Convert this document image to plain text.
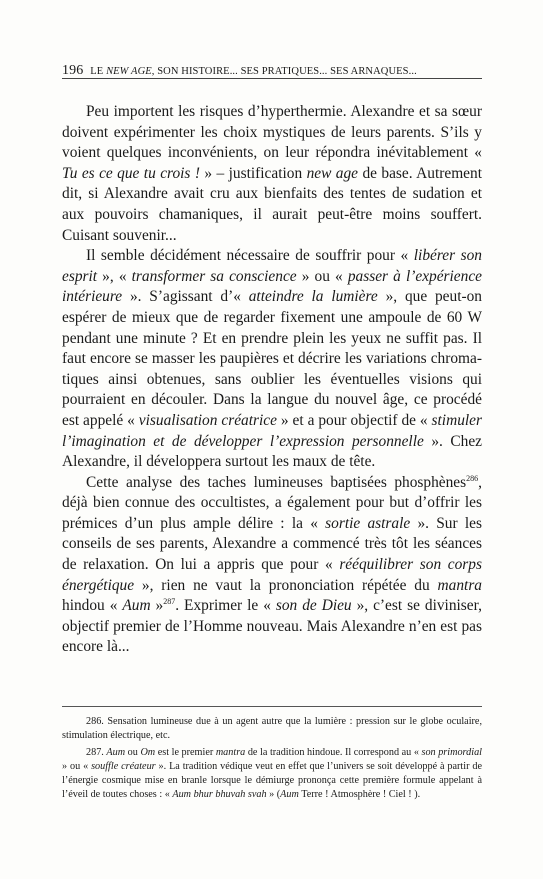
196 LE NEW AGE, SON HISTOIRE... SES PRATIQUES... SES ARNAQUES...

Peu importent les risques d’hyperthermie. Alexandre et sa sœur doivent expérimenter les choix mystiques de leurs parents. S’ils y voient quelques inconvénients, on leur répondra inévitablement « Tu es ce que tu crois ! » – justification new age de base. Autrement dit, si Alexandre avait cru aux bienfaits des tentes de sudation et aux pouvoirs chamaniques, il aurait peut-être moins souffert. Cuisant souvenir...

Il semble décidément nécessaire de souffrir pour « libérer son esprit », « transformer sa conscience » ou « passer à l’expérience intérieure ». S’agissant d’« atteindre la lumière », que peut-on espérer de mieux que de regarder fixement une ampoule de 60 W pendant une minute ? Et en prendre plein les yeux ne suffit pas. Il faut encore se masser les paupières et décrire les variations chromatiques ainsi obtenues, sans oublier les éventuelles visions qui pourraient en découler. Dans la langue du nouvel âge, ce procédé est appelé « visualisation créatrice » et a pour objectif de « stimuler l’imagination et de développer l’expression personnelle ». Chez Alexandre, il développera surtout les maux de tête.

Cette analyse des taches lumineuses baptisées phosphènes$^{286}$, déjà bien connue des occultistes, a également pour but d’offrir les prémices d’un plus ample délire : la « sortie astrale ». Sur les conseils de ses parents, Alexandre a commencé très tôt les séances de relaxation. On lui a appris que pour « rééquilibrer son corps énergétique », rien ne vaut la prononciation répétée du mantra hindou « Aum »$^{287}$. Exprimer le « son de Dieu », c’est se diviniser, objectif premier de l’Homme nouveau. Mais Alexandre n’en est pas encore là...

286. Sensation lumineuse due à un agent autre que la lumière : pression sur le globe oculaire, stimulation électrique, etc.

287. Aum ou Om est le premier mantra de la tradition hindoue. Il correspond au « son primordial » ou « souffle créateur ». La tradition védique veut en effet que l’univers se soit développé à partir de l’énergie cosmique mise en branle lorsque le démiurge prononça cette première formule appelant à l’éveil de toutes choses : « Aum bhur bhuvah svah » (Aum Terre ! Atmosphère ! Ciel ! ).
